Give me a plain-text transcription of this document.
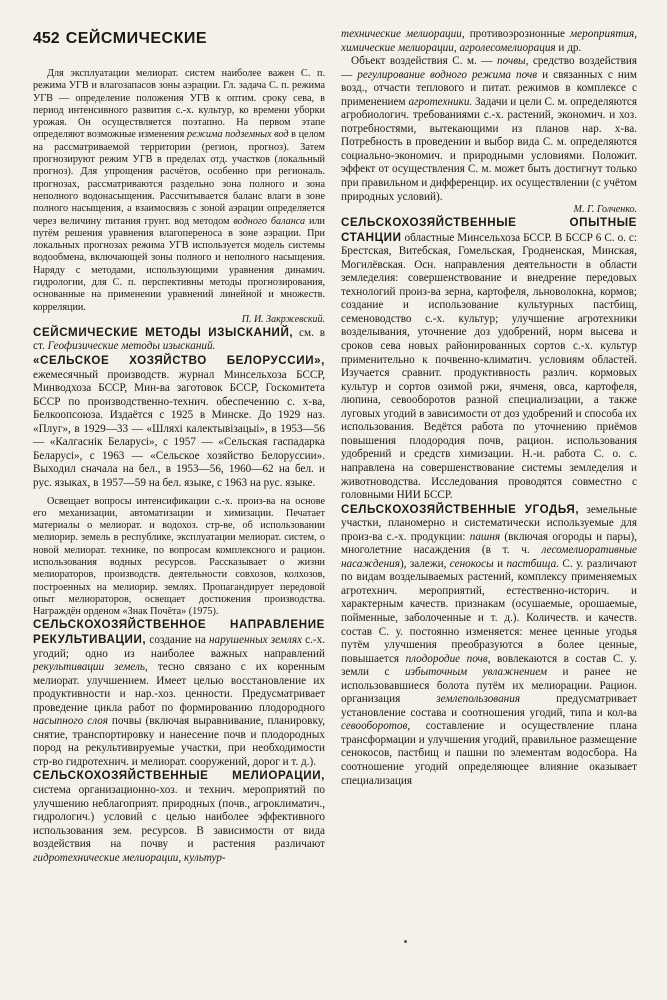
452 СЕЙСМИЧЕСКИЕ

Для эксплуатации мелиорат. систем наиболее важен С. п. режима УГВ и влагозапасов зоны аэрации. Гл. задача С. п. режима УГВ — определение положения УГВ к оптим. сроку сева, в период интенсивного развития с.-х. культур, ко времени уборки урожая. Он осуществляется поэтапно. На первом этапе определяют возможные изменения режима подземных вод в целом на рассматриваемой территории (регион, прогноз). Затем прогнозируют режим УГВ в пределах отд. участков (локальный прогноз). Для упрощения расчётов, особенно при региональ. прогнозах, рассматриваются раздельно зона полного и зона неполного водонасыщения. Рассчитывается баланс влаги в зоне полного насыщения, а взаимосвязь с зоной аэрации определяется через величину питания грунт. вод методом водного баланса или путём решения уравнения влагопереноса в зоне аэрации. При локальных прогнозах режима УГВ используется модель системы водообмена, включающей зоны полного и неполного насыщения. Наряду с методами, использующими уравнения динамич. гидрологии, для С. п. перспективны методы прогнозирования, основанные на применении уравнений линейной и множеств. корреляции.

П. И. Закржевский.

СЕЙСМИЧЕСКИЕ МЕТОДЫ ИЗЫСКАНИЙ, см. в ст. Геофизические методы изысканий.

«СЕЛЬСКОЕ ХОЗЯЙСТВО БЕЛОРУССИИ», ежемесячный производств. журнал Минсельхоза БССР, Минводхоза БССР, Мин-ва заготовок БССР, Госкомитета БССР по производственно-технич. обеспечению с. х-ва, Белкоопсоюза. Издаётся с 1925 в Минске. До 1929 наз. «Плуг», в 1929—33 — «Шляхі калектывізацыі», в 1953—56 — «Калгаснік Беларусі», с 1957 — «Сельская гаспадарка Беларусі», с 1963 — «Сельское хозяйство Белоруссии». Выходил сначала на бел., в 1953—56, 1960—62 на бел. и рус. языках, в 1957—59 на бел. языке, с 1963 на рус. языке.

Освещает вопросы интенсификации с.-х. произ-ва на основе его механизации, автоматизации и химизации. Печатает материалы о мелиорат. и водохоз. стр-ве, об использовании мелиорир. земель в республике, эксплуатации мелиорат. систем, о новой мелиорат. технике, по вопросам комплексного и рацион. использования водных ресурсов. Рассказывает о жизни мелиораторов, производств. деятельности совхозов, колхозов, построенных на мелиорир. землях. Пропагандирует передовой опыт мелиораторов, освещает достижения производства. Награждён орденом «Знак Почёта» (1975).

СЕЛЬСКОХОЗЯЙСТВЕННОЕ НАПРАВЛЕНИЕ РЕКУЛЬТИВАЦИИ, создание на нарушенных землях с.-х. угодий; одно из наиболее важных направлений рекультивации земель, тесно связано с их коренным мелиорат. улучшением. Имеет целью восстановление их продуктивности и нар.-хоз. ценности. Предусматривает проведение цикла работ по формированию плодородного насыпного слоя почвы (включая выравнивание, планировку, снятие, транспортировку и нанесение почв и плодородных пород на рекультивируемые участки, при необходимости стр-во гидротехнич. и мелиорат. сооружений, дорог и т. д.).

СЕЛЬСКОХОЗЯЙСТВЕННЫЕ МЕЛИОРАЦИИ, система организационно-хоз. и технич. мероприятий по улучшению неблагоприят. природных (почв., агроклиматич., гидрологич.) условий с целью наиболее эффективного использования зем. ресурсов. В зависимости от вида воздействия на почву и растения различают гидротехнические мелиорации, культур-

технические мелиорации, противоэрозионные мероприятия, химические мелиорации, агролесомелиорация и др.

Объект воздействия С. м. — почвы, средство воздействия — регулирование водного режима почв и связанных с ним возд., отчасти теплового и питат. режимов в комплексе с применением агротехники. Задачи и цели С. м. определяются агробиологич. требованиями с.-х. растений, экономич. и хоз. потребностями, вытекающими из планов нар. х-ва. Потребность в проведении и выбор вида С. м. определяются социально-экономич. и природными условиями. Положит. эффект от осуществления С. м. может быть достигнут только при правильном и дифференцир. их осуществлении (с учётом природных условий).

М. Г. Голченко.

СЕЛЬСКОХОЗЯЙСТВЕННЫЕ ОПЫТНЫЕ СТАНЦИИ областные Минсельхоза БССР. В БССР 6 С. о. с: Брестская, Витебская, Гомельская, Гродненская, Минская, Могилёвская. Осн. направления деятельности в области земледелия: совершенствование и внедрение передовых технологий произ-ва зерна, картофеля, льноволокна, кормов; создание и использование культурных пастбищ, семеноводство с.-х. культур; улучшение агротехники возделывания, уточнение доз удобрений, норм высева и сроков сева новых районированных сортов с.-х. культур применительно к почвенно-климатич. условиям областей. Изучается сравнит. продуктивность различ. кормовых культур и сортов озимой ржи, ячменя, овса, картофеля, люпина, севооборотов разной специализации, а также луговых угодий в зависимости от доз удобрений и способа их использования. Ведётся работа по уточнению приёмов повышения плодородия почв, рацион. использования удобрений и средств химизации. Н.-и. работа С. о. с. направлена на совершенствование системы земледелия и животноводства. Исследования проводятся совместно с головными НИИ БССР.

СЕЛЬСКОХОЗЯЙСТВЕННЫЕ УГОДЬЯ, земельные участки, планомерно и систематически используемые для произ-ва с.-х. продукции: пашня (включая огороды и пары), многолетние насаждения (в т. ч. лесомелиоративные насаждения), залежи, сенокосы и пастбища. С. у. различают по видам возделываемых растений, комплексу применяемых агротехнич. мероприятий, естественно-историч. и характерным качеств. признакам (осушаемые, орошаемые, пойменные, заболоченные и т. д.). Количеств. и качеств. состав С. у. постоянно изменяется: менее ценные угодья путём улучшения преобразуются в более ценные, повышается плодородие почв, вовлекаются в состав С. у. земли с избыточным увлажнением и ранее не использовавшиеся болота путём их мелиорации. Рацион. организация землепользования предусматривает установление состава и соотношения угодий, типа и кол-ва севооборотов, составление и осуществление плана трансформации и улучшения угодий, правильное размещение сенокосов, пастбищ и пашни по элементам водосбора. На соотношение угодий определяющее влияние оказывает специализация
